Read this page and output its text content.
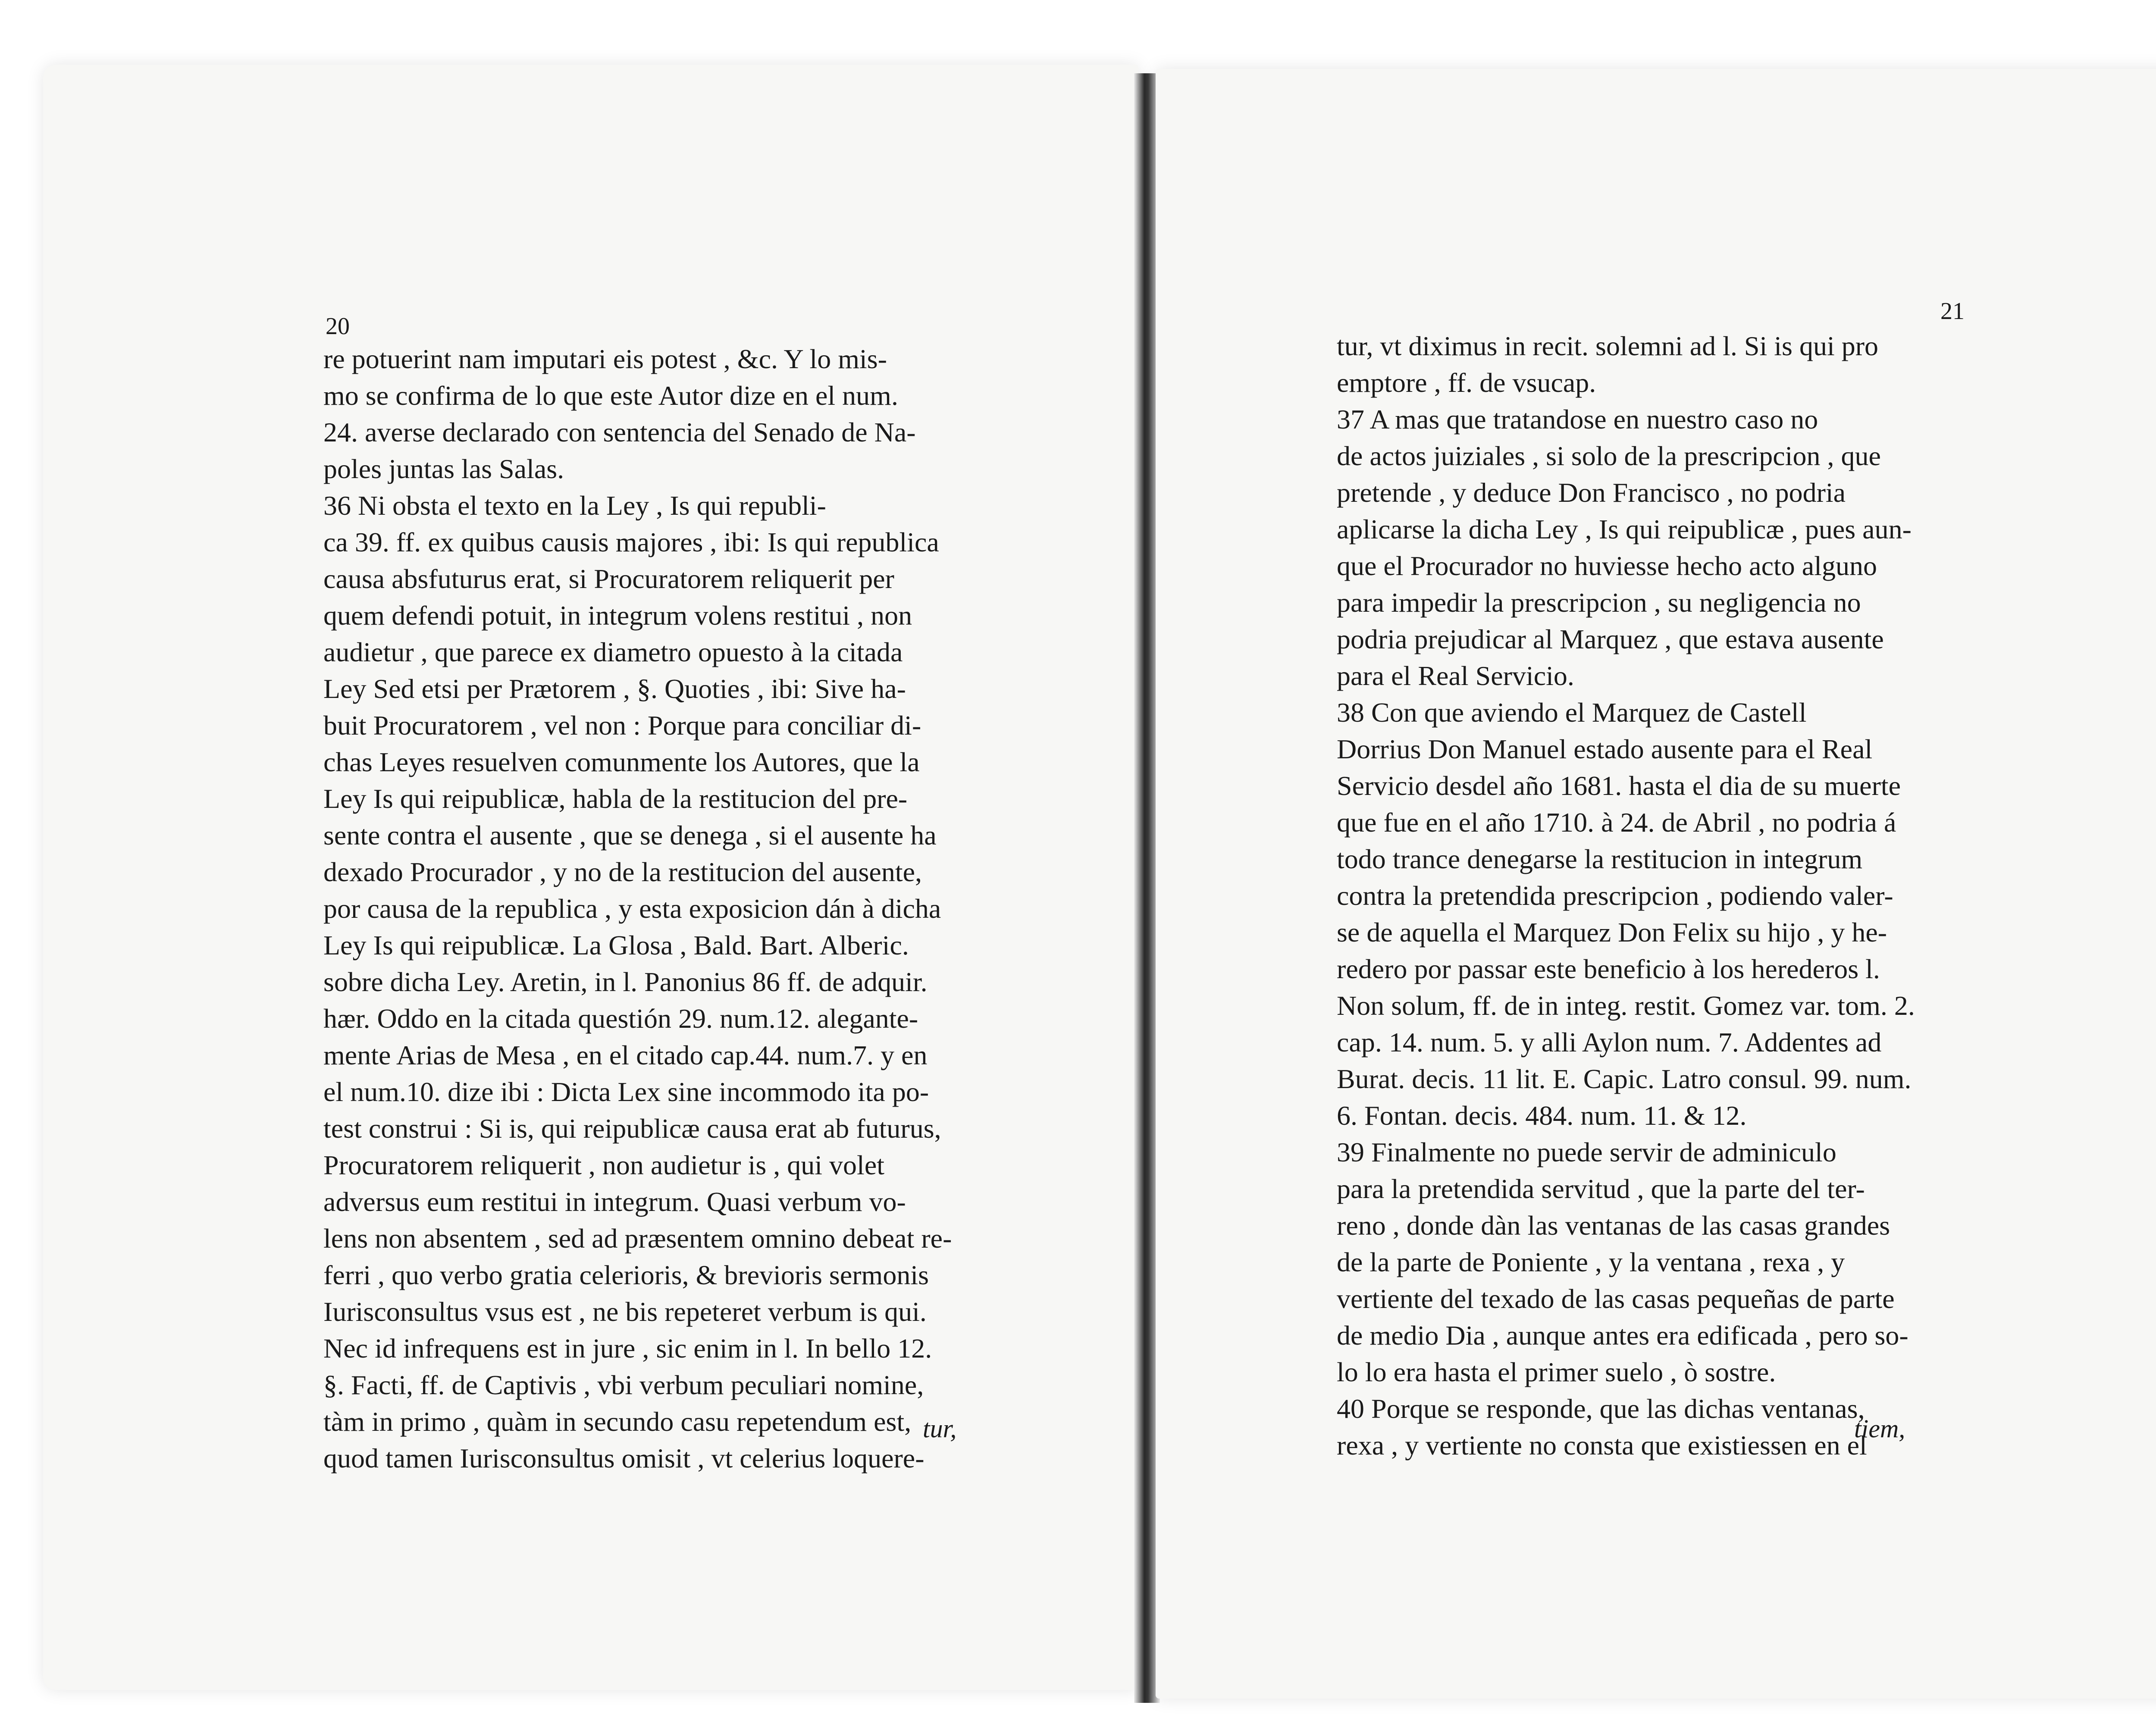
20

re potuerint nam imputari eis potest , &c. Y lo mis-

mo se confirma de lo que este Autor dize en el num.

24. averse declarado con sentencia del Senado de Na-

poles juntas las Salas.

36 Ni obsta el texto en la Ley , Is qui republi-

ca 39. ff. ex quibus causis majores , ibi: Is qui republica

causa absfuturus erat, si Procuratorem reliquerit per

quem defendi potuit, in integrum volens restitui , non

audietur , que parece ex diametro opuesto à la citada

Ley Sed etsi per Prætorem , §. Quoties , ibi: Sive ha-

buit Procuratorem , vel non : Porque para conciliar di-

chas Leyes resuelven comunmente los Autores, que la

Ley Is qui reipublicæ, habla de la restitucion del pre-

sente contra el ausente , que se denega , si el ausente ha

dexado Procurador , y no de la restitucion del ausente,

por causa de la republica , y esta exposicion dán à dicha

Ley Is qui reipublicæ. La Glosa , Bald. Bart. Alberic.

sobre dicha Ley. Aretin, in l. Panonius 86 ff. de adquir.

hær. Oddo en la citada questión 29. num.12. alegante-

mente Arias de Mesa , en el citado cap.44. num.7. y en

el num.10. dize ibi : Dicta Lex sine incommodo ita po-

test construi : Si is, qui reipublicæ causa erat ab futurus,

Procuratorem reliquerit , non audietur is , qui volet

adversus eum restitui in integrum. Quasi verbum vo-

lens non absentem , sed ad præsentem omnino debeat re-

ferri , quo verbo gratia celerioris, & brevioris sermonis

Iurisconsultus vsus est , ne bis repeteret verbum is qui.

Nec id infrequens est in jure , sic enim in l. In bello 12.

§. Facti, ff. de Captivis , vbi verbum peculiari nomine,

tàm in primo , quàm in secundo casu repetendum est,

quod tamen Iurisconsultus omisit , vt celerius loquere-

tur,
21

tur, vt diximus in recit. solemni ad l. Si is qui pro

emptore , ff. de vsucap.

37 A mas que tratandose en nuestro caso no

de actos juiziales , si solo de la prescripcion , que

pretende , y deduce Don Francisco , no podria

aplicarse la dicha Ley , Is qui reipublicæ , pues aun-

que el Procurador no huviesse hecho acto alguno

para impedir la prescripcion , su negligencia no

podria prejudicar al Marquez , que estava ausente

para el Real Servicio.

38 Con que aviendo el Marquez de Castell

Dorrius Don Manuel estado ausente para el Real

Servicio desdel año 1681. hasta el dia de su muerte

que fue en el año 1710. à 24. de Abril , no podria á

todo trance denegarse la restitucion in integrum

contra la pretendida prescripcion , podiendo valer-

se de aquella el Marquez Don Felix su hijo , y he-

redero por passar este beneficio à los herederos l.

Non solum, ff. de in integ. restit. Gomez var. tom. 2.

cap. 14. num. 5. y alli Aylon num. 7. Addentes ad

Burat. decis. 11 lit. E. Capic. Latro consul. 99. num.

6. Fontan. decis. 484. num. 11. & 12.

39 Finalmente no puede servir de adminiculo

para la pretendida servitud , que la parte del ter-

reno , donde dàn las ventanas de las casas grandes

de la parte de Poniente , y la ventana , rexa , y

vertiente del texado de las casas pequeñas de parte

de medio Dia , aunque antes era edificada , pero so-

lo lo era hasta el primer suelo , ò sostre.

40 Porque se responde, que las dichas ventanas,

rexa , y vertiente no consta que existiessen en el

tiem,
